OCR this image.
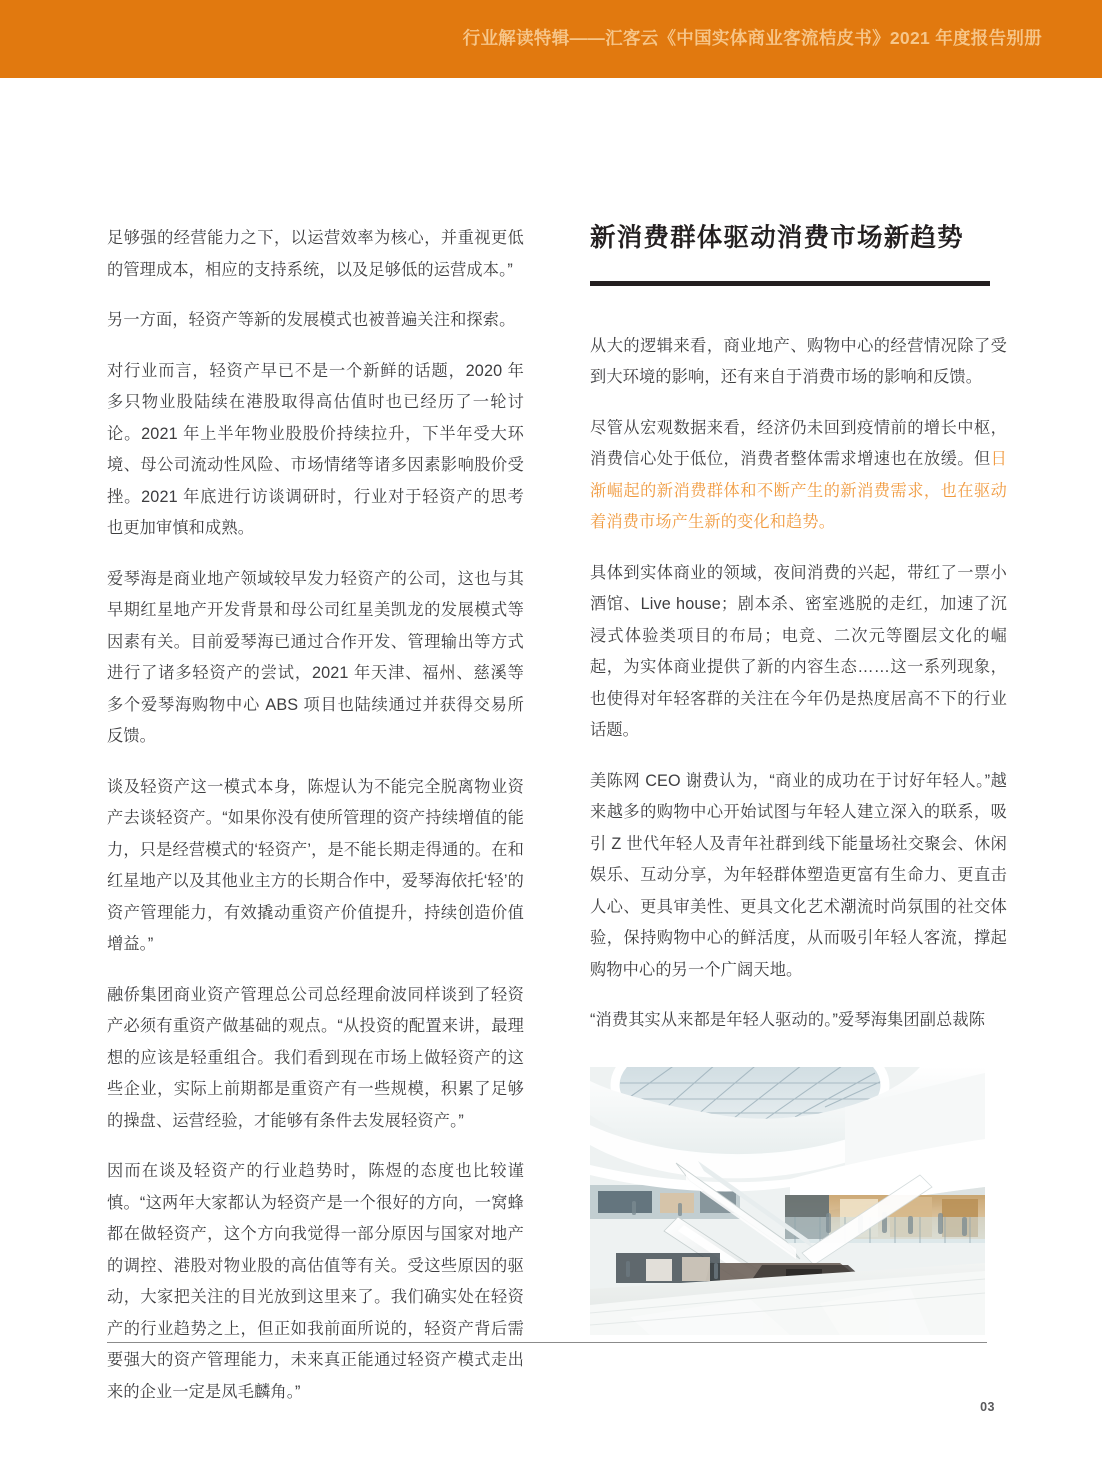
行业解读特辑——汇客云《中国实体商业客流桔皮书》2021 年度报告别册

足够强的经营能力之下，以运营效率为核心，并重视更低的管理成本，相应的支持系统，以及足够低的运营成本。”

另一方面，轻资产等新的发展模式也被普遍关注和探索。

对行业而言，轻资产早已不是一个新鲜的话题，2020 年多只物业股陆续在港股取得高估值时也已经历了一轮讨论。2021 年上半年物业股股价持续拉升，下半年受大环境、母公司流动性风险、市场情绪等诸多因素影响股价受挫。2021 年底进行访谈调研时，行业对于轻资产的思考也更加审慎和成熟。

爱琴海是商业地产领域较早发力轻资产的公司，这也与其早期红星地产开发背景和母公司红星美凯龙的发展模式等因素有关。目前爱琴海已通过合作开发、管理输出等方式进行了诸多轻资产的尝试，2021 年天津、福州、慈溪等多个爱琴海购物中心 ABS 项目也陆续通过并获得交易所反馈。

谈及轻资产这一模式本身，陈煜认为不能完全脱离物业资产去谈轻资产。“如果你没有使所管理的资产持续增值的能力，只是经营模式的‘轻资产’，是不能长期走得通的。在和红星地产以及其他业主方的长期合作中，爱琴海依托‘轻’的资产管理能力，有效撬动重资产价值提升，持续创造价值增益。”

融侨集团商业资产管理总公司总经理俞波同样谈到了轻资产必须有重资产做基础的观点。“从投资的配置来讲，最理想的应该是轻重组合。我们看到现在市场上做轻资产的这些企业，实际上前期都是重资产有一些规模，积累了足够的操盘、运营经验，才能够有条件去发展轻资产。”

因而在谈及轻资产的行业趋势时，陈煜的态度也比较谨慎。“这两年大家都认为轻资产是一个很好的方向，一窝蜂都在做轻资产，这个方向我觉得一部分原因与国家对地产的调控、港股对物业股的高估值等有关。受这些原因的驱动，大家把关注的目光放到这里来了。我们确实处在轻资产的行业趋势之上，但正如我前面所说的，轻资产背后需要强大的资产管理能力，未来真正能通过轻资产模式走出来的企业一定是凤毛麟角。”

新消费群体驱动消费市场新趋势

从大的逻辑来看，商业地产、购物中心的经营情况除了受到大环境的影响，还有来自于消费市场的影响和反馈。

尽管从宏观数据来看，经济仍未回到疫情前的增长中枢，消费信心处于低位，消费者整体需求增速也在放缓。但日渐崛起的新消费群体和不断产生的新消费需求，也在驱动着消费市场产生新的变化和趋势。

具体到实体商业的领域，夜间消费的兴起，带红了一票小酒馆、Live house；剧本杀、密室逃脱的走红，加速了沉浸式体验类项目的布局；电竞、二次元等圈层文化的崛起，为实体商业提供了新的内容生态……这一系列现象，也使得对年轻客群的关注在今年仍是热度居高不下的行业话题。

美陈网 CEO 谢费认为，“商业的成功在于讨好年轻人。”越来越多的购物中心开始试图与年轻人建立深入的联系，吸引 Z 世代年轻人及青年社群到线下能量场社交聚会、休闲娱乐、互动分享，为年轻群体塑造更富有生命力、更直击人心、更具审美性、更具文化艺术潮流时尚氛围的社交体验，保持购物中心的鲜活度，从而吸引年轻人客流，撑起购物中心的另一个广阔天地。

“消费其实从来都是年轻人驱动的。”爱琴海集团副总裁陈

03
